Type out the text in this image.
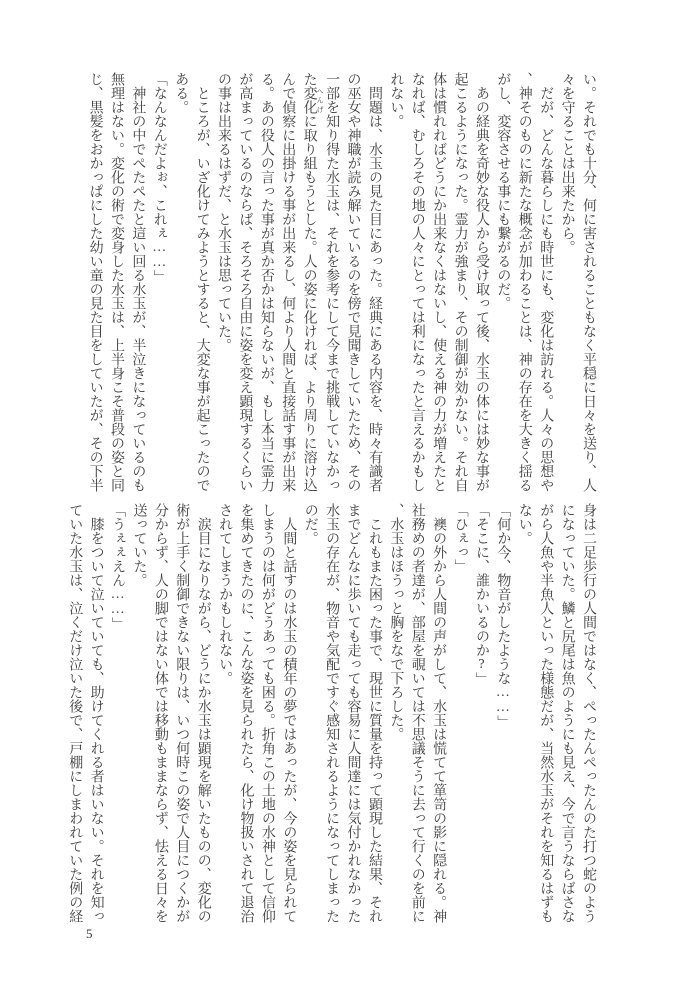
い。それでも十分、何に害されることもなく平穏に日々を送り、人々を守ることは出来たから。

　だが、どんな暮らしにも時世にも、変化は訪れる。人々の思想や、神そのものに新たな概念が加わることは、神の存在を大きく揺るがし、変容させる事にも繋がるのだ。

　あの経典を奇妙な役人から受け取って後、水玉の体には妙な事が起こるようになった。霊力が強まり、その制御が効かない。それ自体は慣れればどうにか出来なくはないし、使える神の力が増えたとなれば、むしろその地の人々にとっては利になったと言えるかもしれない。

　問題は、水玉の見た目にあった。経典にある内容を、時々有識者の巫女や神職が読み解いているのを傍で見聞きしていたため、その一部を知り得た水玉は、それを参考にして今まで挑戦していなかった変化 へんげに取り組もうとした。人の姿に化ければ、より周りに溶け込んで偵察に出掛ける事が出来るし、何より人間と直接話す事が出来る。あの役人の言った事が真か否かは知らないが、もし本当に霊力が高まっているのならば、そろそろ自由に姿を変え顕現するくらいの事は出来るはずだ、と水玉は思っていた。

　ところが、いざ化けてみようとすると、大変な事が起こったのである。

「なんなんだよぉ、これぇ……」

　神社の中でぺたぺたと這い回る水玉が、半泣きになっているのも無理はない。変化の術で変身した水玉は、上半身こそ普段の姿と同じ、黒髪をおかっぱにした幼い童の見た目をしていたが、その下半

身は二足歩行の人間ではなく、ぺったんぺったんのた打つ蛇のようになっていた。鱗と尻尾は魚のようにも見え、今で言うならばさながら人魚や半魚人といった様態だが、当然水玉がそれを知るはずもない。

「何か今、物音がしたような……」

「そこに、誰かいるのか?」

「ひぇっ」

　襖の外から人間の声がして、水玉は慌てて箪笥の影に隠れる。神社務めの者達が、部屋を覗いては不思議そうに去って行くのを前に、水玉はほうっと胸をなで下ろした。

　これもまた困った事で、現世に質量を持って顕現した結果、それまでどんなに歩いても走っても容易に人間達には気付かれなかった水玉の存在が、物音や気配ですぐ感知されるようになってしまったのだ。

　人間と話すのは水玉の積年の夢ではあったが、今の姿を見られてしまうのは何がどうあっても困る。折角この土地の水神として信仰を集めてきたのに、こんな姿を見られたら、化け物扱いされて退治されてしまうかもしれない。

　涙目になりながら、どうにか水玉は顕現を解いたものの、変化の術が上手く制御できない限りは、いつ何時この姿で人目につくかが分からず、人の脚ではない体では移動もままならず、怯える日々を送っていた。

「うぇぇえん……」

　膝をついて泣いていても、助けてくれる者はいない。それを知っていた水玉は、泣くだけ泣いた後で、戸棚にしまわれていた例の経

5
